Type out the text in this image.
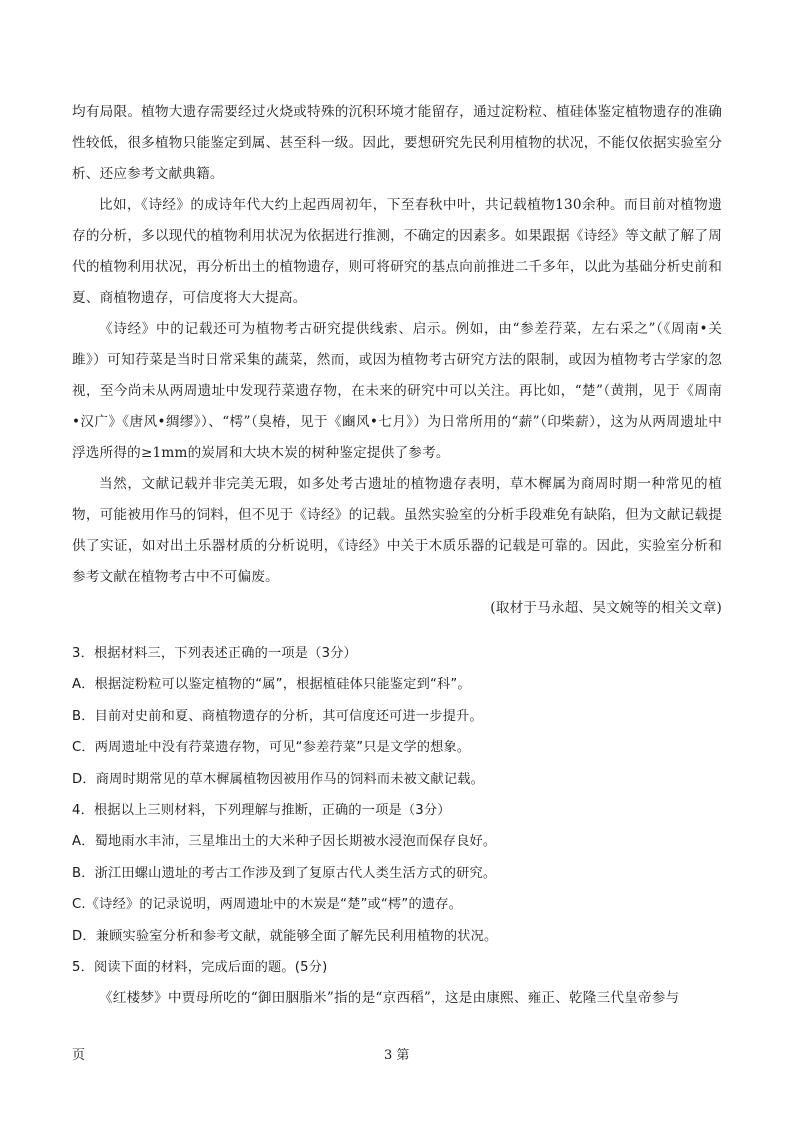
均有局限。植物大遗存需要经过火烧或特殊的沉积环境才能留存，通过淀粉粒、植硅体鉴定植物遗存的准确性较低，很多植物只能鉴定到属、甚至科一级。因此，要想研究先民利用植物的状况，不能仅依据实验室分析、还应参考文献典籍。

比如，《诗经》的成诗年代大约上起西周初年，下至春秋中叶，共记载植物130余种。而目前对植物遗存的分析，多以现代的植物利用状况为依据进行推测，不确定的因素多。如果跟据《诗经》等文献了解了周代的植物利用状况，再分析出土的植物遗存，则可将研究的基点向前推进二千多年，以此为基础分析史前和夏、商植物遗存，可信度将大大提高。

《诗经》中的记载还可为植物考古研究提供线索、启示。例如，由“参差荇菜，左右采之”（《周南•关雎》）可知荇菜是当时日常采集的蔬菜，然而，或因为植物考古研究方法的限制，或因为植物考古学家的忽视，至今尚未从两周遗址中发现荇菜遗存物，在未来的研究中可以关注。再比如，“楚”（黄荆，见于《周南•汉广》《唐风•绸缪》）、“樗”（臭椿，见于《豳风•七月》）为日常所用的“薪”（印柴薪），这为从两周遗址中浮选所得的≥1mm的炭屑和大块木炭的树种鉴定提供了参考。

当然，文献记载并非完美无瑕，如多处考古遗址的植物遗存表明，草木樨属为商周时期一种常见的植物，可能被用作马的饲料，但不见于《诗经》的记载。虽然实验室的分析手段难免有缺陷，但为文献记载提供了实证，如对出土乐器材质的分析说明，《诗经》中关于木质乐器的记载是可靠的。因此，实验室分析和参考文献在植物考古中不可偏废。

(取材于马永超、吴文婉等的相关文章)

3．根据材料三，下列表述正确的一项是（3分）

A．根据淀粉粒可以鉴定植物的“属”，根据植硅体只能鉴定到“科”。

B．目前对史前和夏、商植物遗存的分析，其可信度还可进一步提升。

C．两周遗址中没有荇菜遗存物，可见“参差荇菜”只是文学的想象。

D．商周时期常见的草木樨属植物因被用作马的饲料而未被文献记载。

4．根据以上三则材料，下列理解与推断，正确的一项是（3分）

A．蜀地雨水丰沛，三星堆出土的大米种子因长期被水浸泡而保存良好。

B．浙江田螺山遗址的考古工作涉及到了复原古代人类生活方式的研究。

C.《诗经》的记录说明，两周遗址中的木炭是“楚”或“樗”的遗存。

D．兼顾实验室分析和参考文献，就能够全面了解先民利用植物的状况。

5．阅读下面的材料，完成后面的题。(5分)

《红楼梦》中贾母所吃的“御田胭脂米”指的是“京西稻”，这是由康熙、雍正、乾隆三代皇帝参与

页	3 第
